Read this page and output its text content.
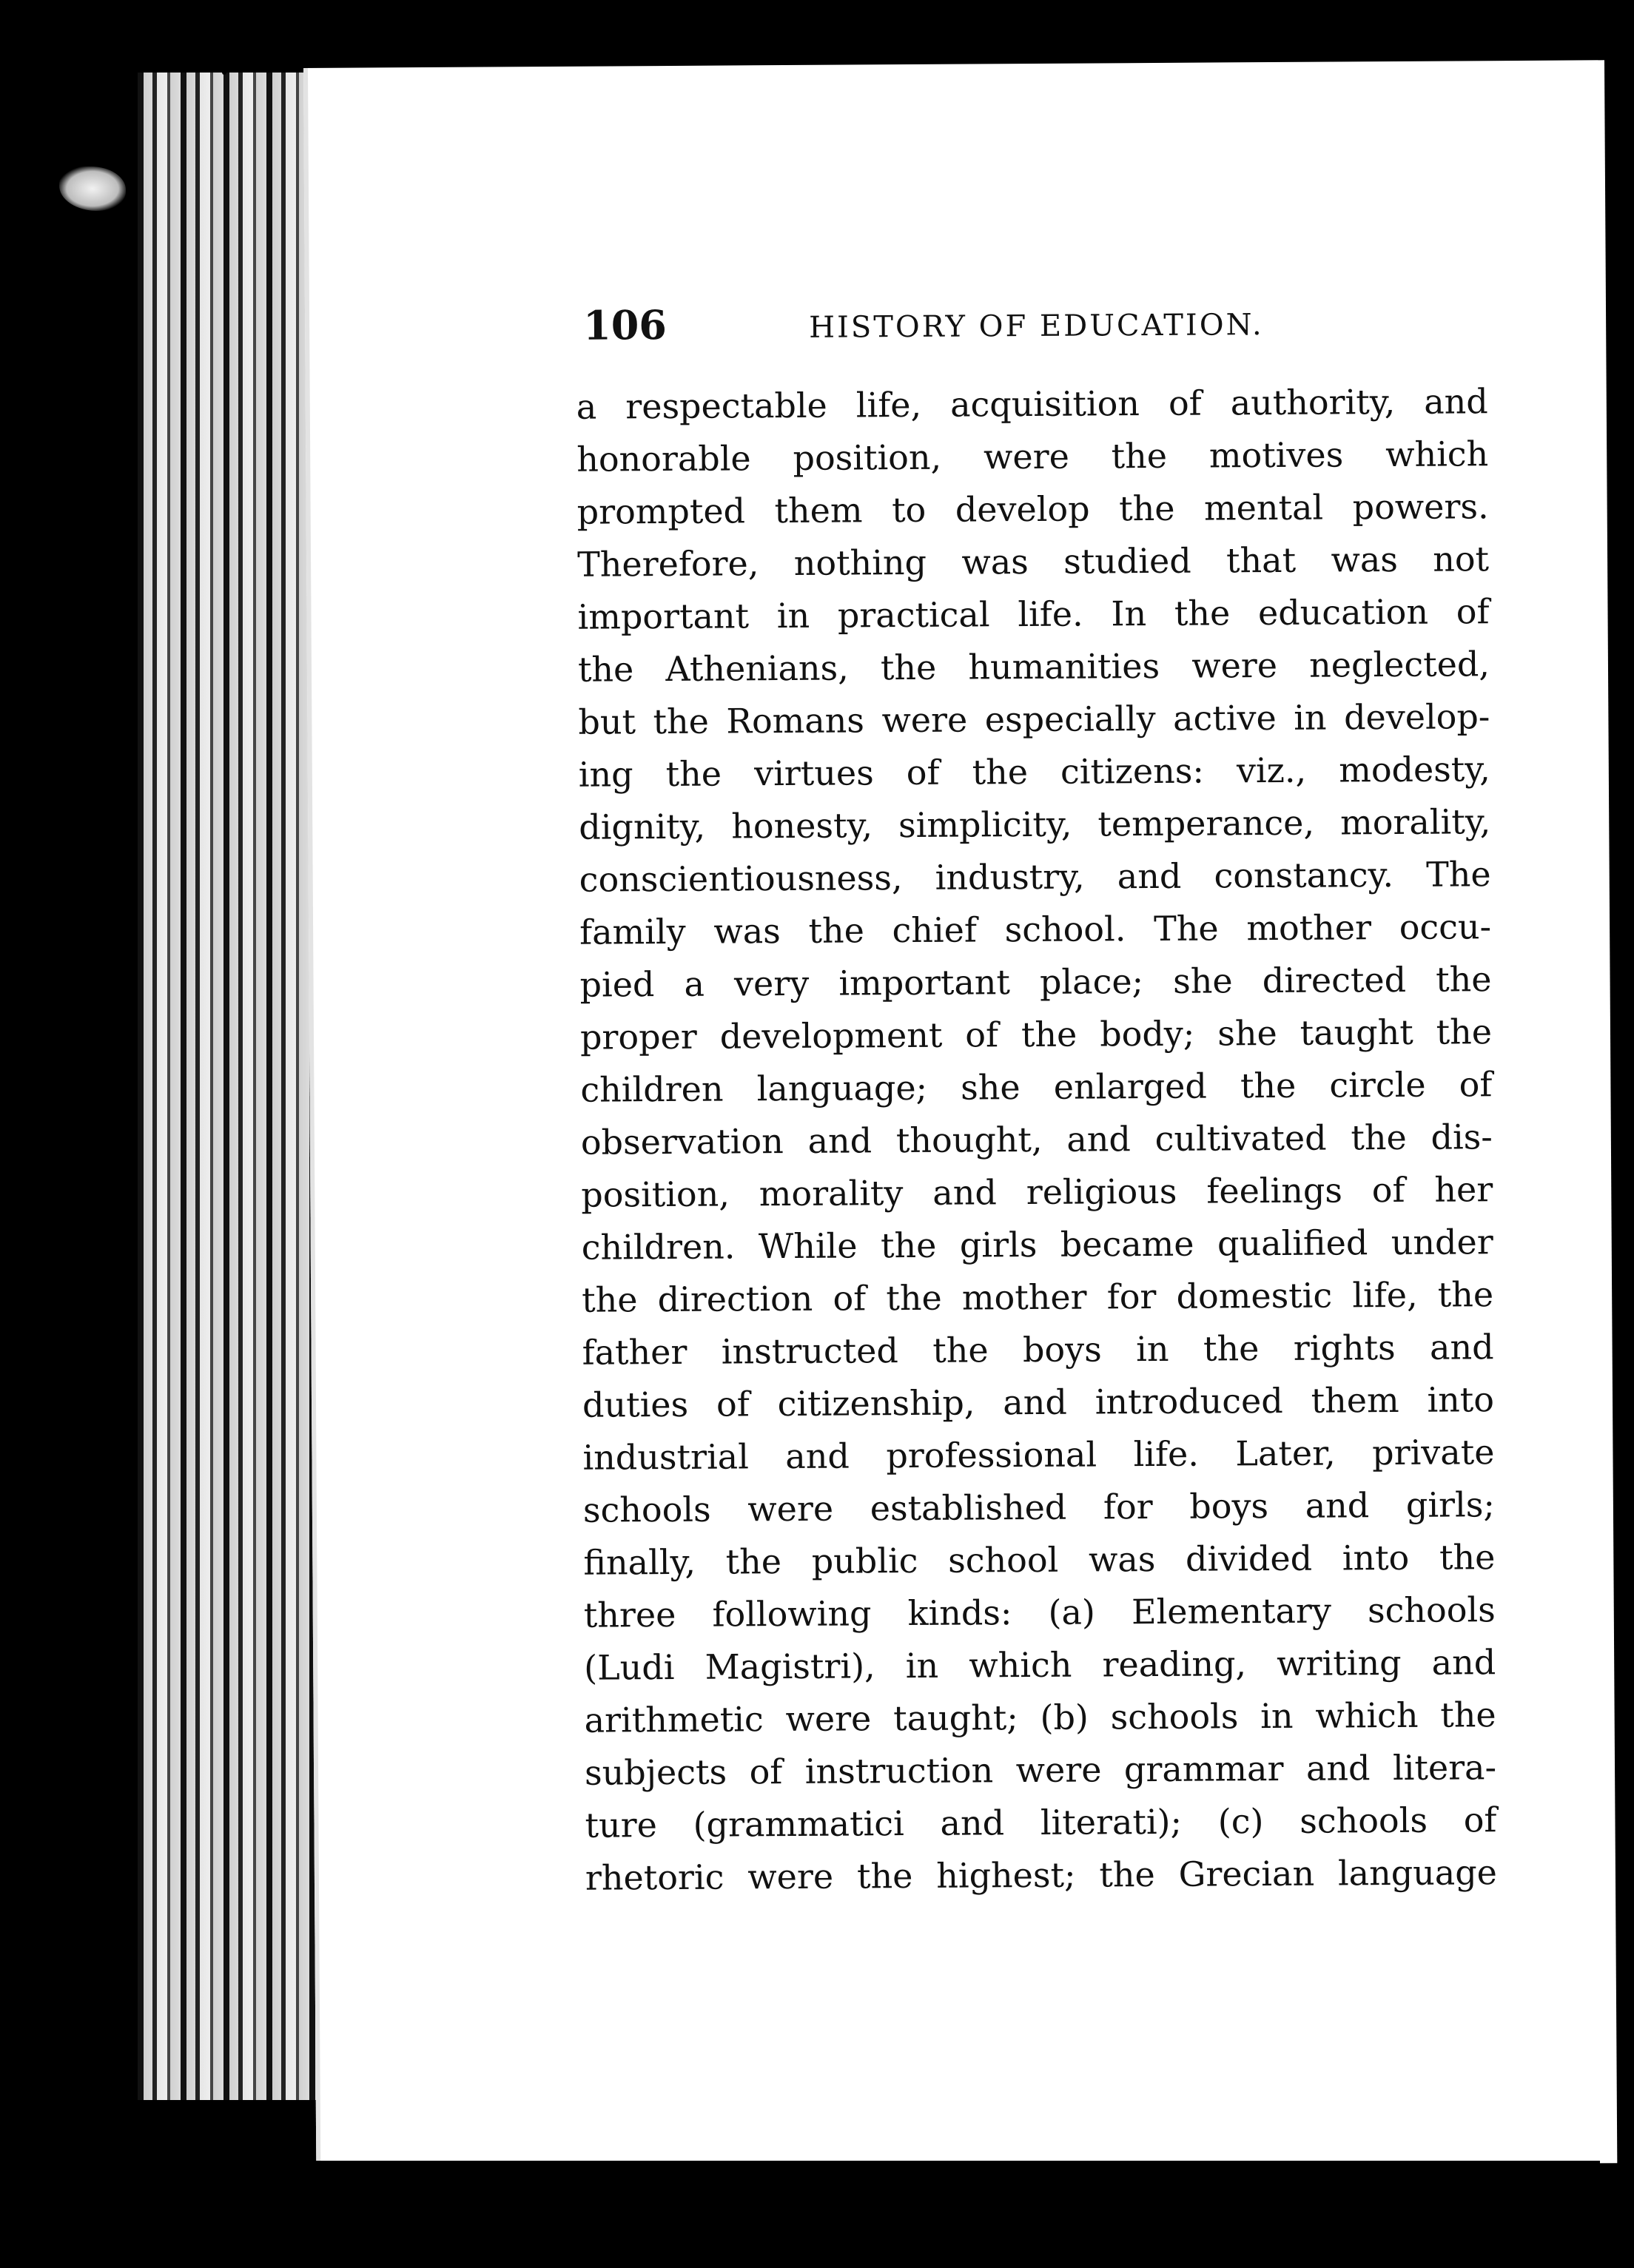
106	HISTORY OF EDUCATION.
a respectable life, acquisition of authority, and
honorable position, were the motives which
prompted them to develop the mental powers.
Therefore, nothing was studied that was not
important in practical life. In the education of
the Athenians, the humanities were neglected,
but the Romans were especially active in develop-
ing the virtues of the citizens: viz., modesty,
dignity, honesty, simplicity, temperance, morality,
conscientiousness, industry, and constancy. The
family was the chief school. The mother occu-
pied a very important place; she directed the
proper development of the body; she taught the
children language; she enlarged the circle of
observation and thought, and cultivated the dis-
position, morality and religious feelings of her
children. While the girls became qualified under
the direction of the mother for domestic life, the
father instructed the boys in the rights and
duties of citizenship, and introduced them into
industrial and professional life. Later, private
schools were established for boys and girls;
finally, the public school was divided into the
three following kinds: (a) Elementary schools
(Ludi Magistri), in which reading, writing and
arithmetic were taught; (b) schools in which the
subjects of instruction were grammar and litera-
ture (grammatici and literati); (c) schools of
rhetoric were the highest; the Grecian language
